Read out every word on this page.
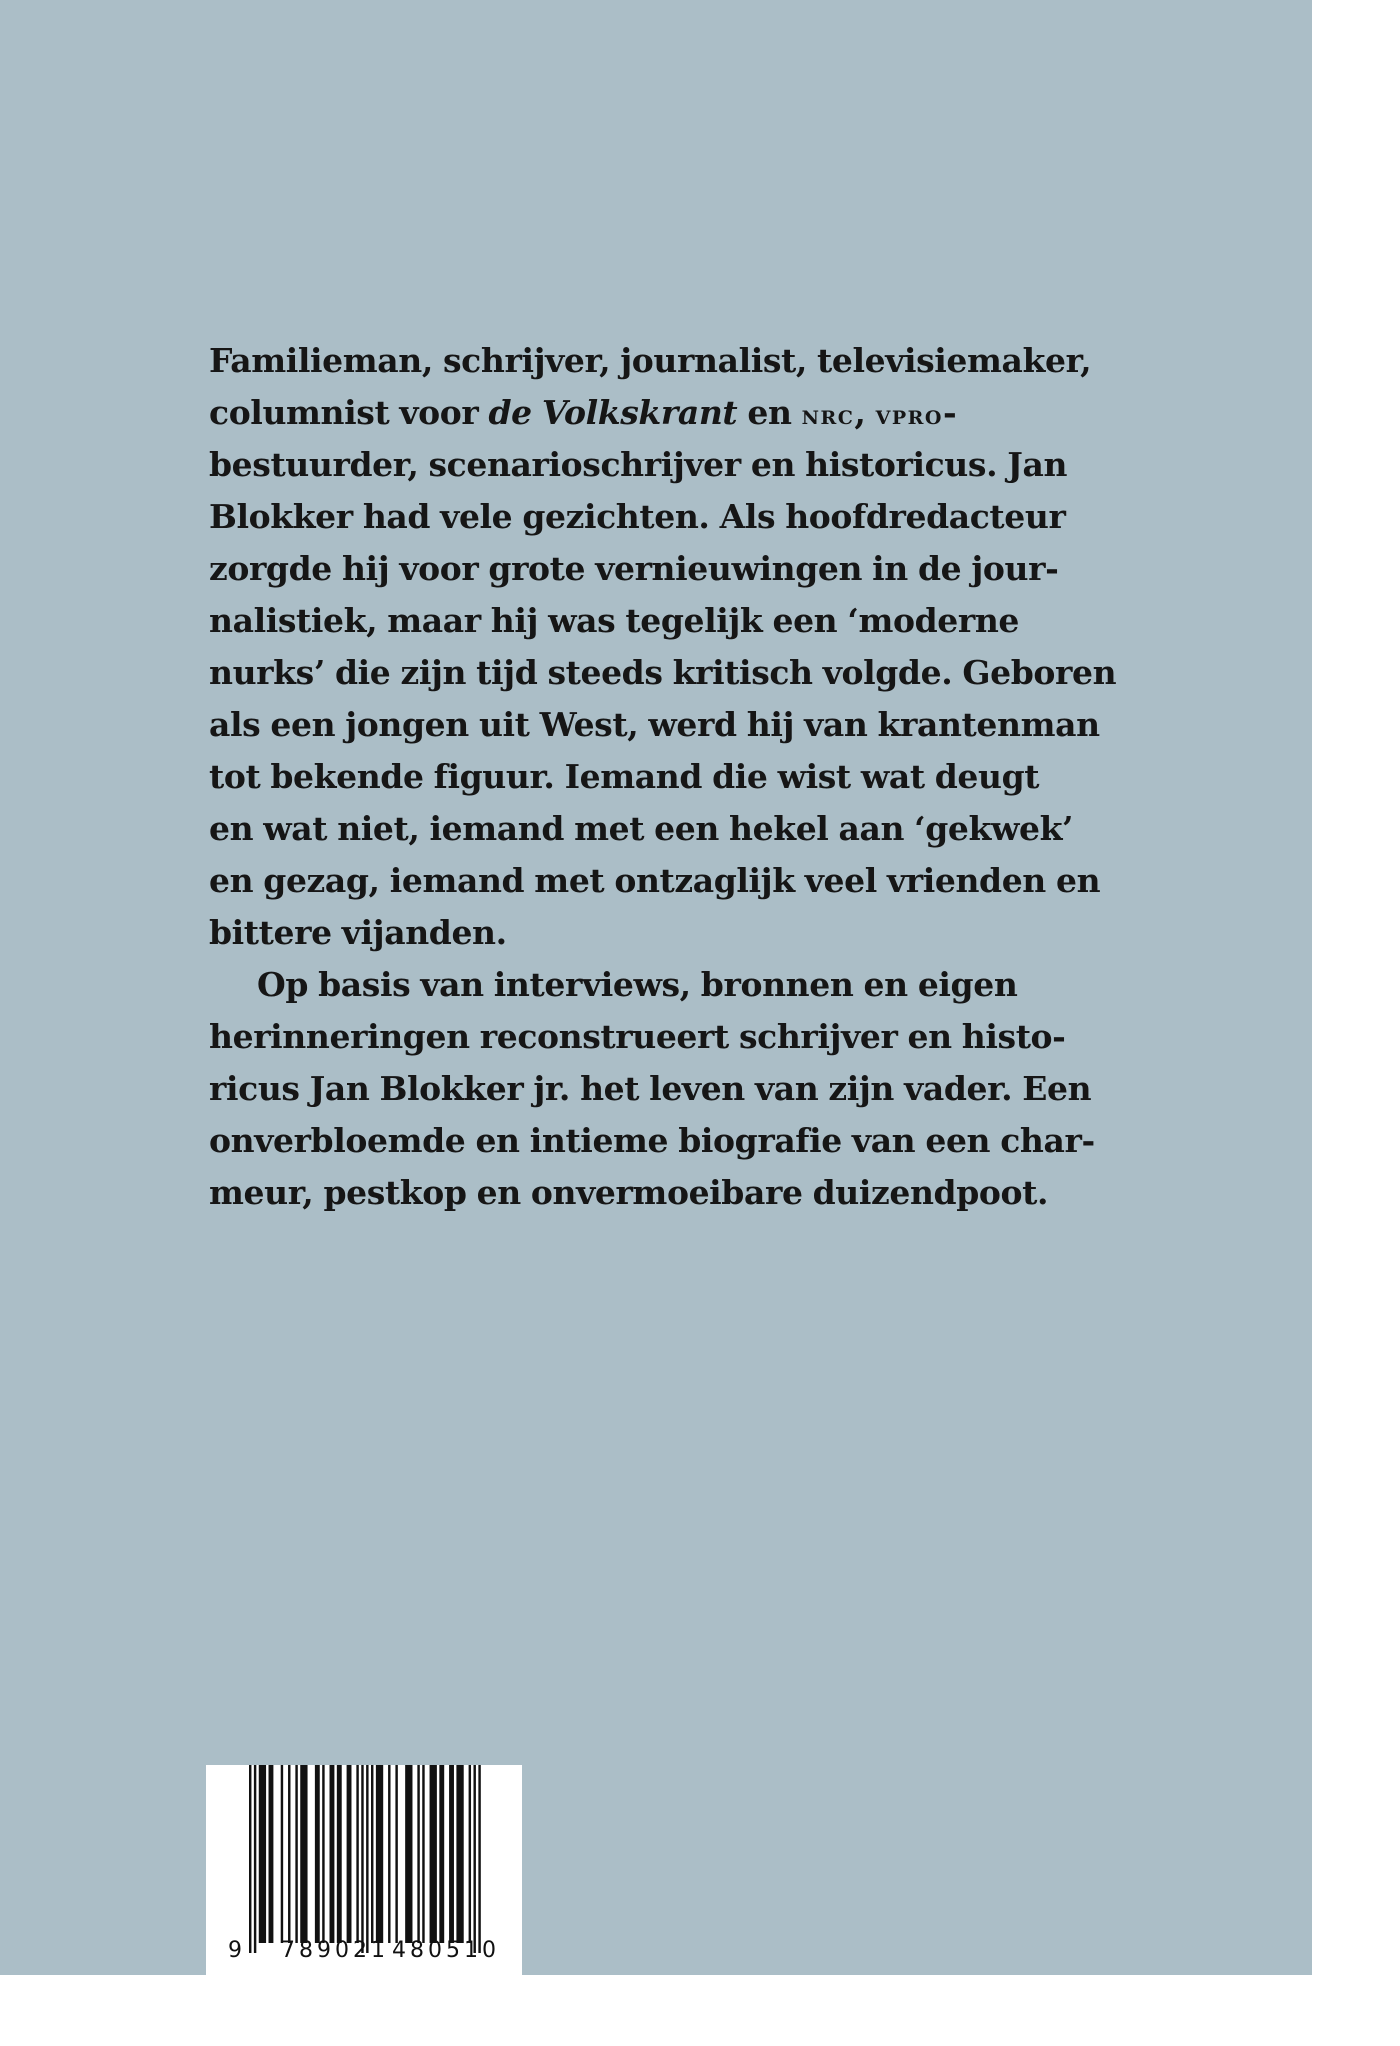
Familieman, schrijver, journalist, televisiemaker,
columnist voor de Volkskrant en nrc, vpro-
bestuurder, scenarioschrijver en historicus. Jan
Blokker had vele gezichten. Als hoofdredacteur
zorgde hij voor grote vernieuwingen in de jour-
nalistiek, maar hij was tegelijk een ‘moderne
nurks’ die zijn tijd steeds kritisch volgde. Geboren
als een jongen uit West, werd hij van krantenman
tot bekende figuur. Iemand die wist wat deugt
en wat niet, iemand met een hekel aan ‘gekwek’
en gezag, iemand met ontzaglijk veel vrienden en
bittere vijanden.
Op basis van interviews, bronnen en eigen
herinneringen reconstrueert schrijver en histo-
ricus Jan Blokker jr. het leven van zijn vader. Een
onverbloemde en intieme biografie van een char-
meur, pestkop en onvermoeibare duizendpoot.
9 789021 480510
